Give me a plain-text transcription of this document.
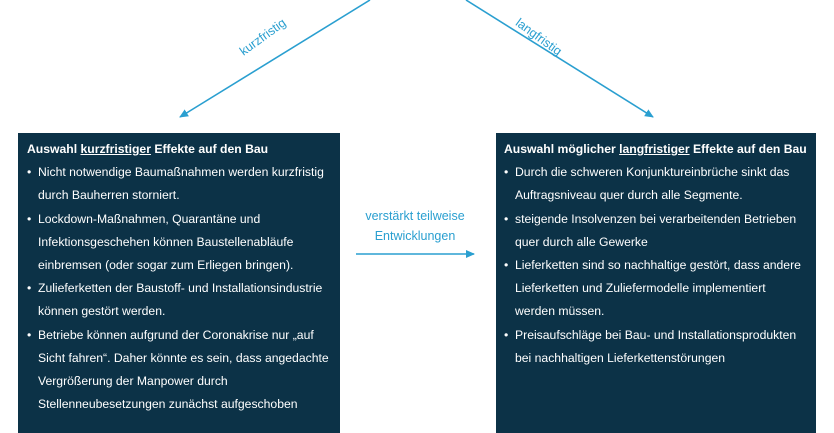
kurzfristig	langfristig
verstärkt teilweise
Entwicklungen
Auswahl kurzfristiger Effekte auf den Bau
• Nicht notwendige Baumaßnahmen werden kurzfristig durch Bauherren storniert.
• Lockdown-Maßnahmen, Quarantäne und Infektionsgeschehen können Baustellenabläufe einbremsen (oder sogar zum Erliegen bringen).
• Zulieferketten der Baustoff- und Installationsindustrie können gestört werden.
• Betriebe können aufgrund der Coronakrise nur „auf Sicht fahren“. Daher könnte es sein, dass angedachte Vergrößerung der Manpower durch Stellenneubesetzungen zunächst aufgeschoben
Auswahl möglicher langfristiger Effekte auf den Bau
• Durch die schweren Konjunktureinbrüche sinkt das Auftragsniveau quer durch alle Segmente.
• steigende Insolvenzen bei verarbeitenden Betrieben quer durch alle Gewerke
• Lieferketten sind so nachhaltige gestört, dass andere Lieferketten und Zuliefermodelle implementiert werden müssen.
• Preisaufschläge bei Bau- und Installationsprodukten bei nachhaltigen Lieferkettenstörungen
